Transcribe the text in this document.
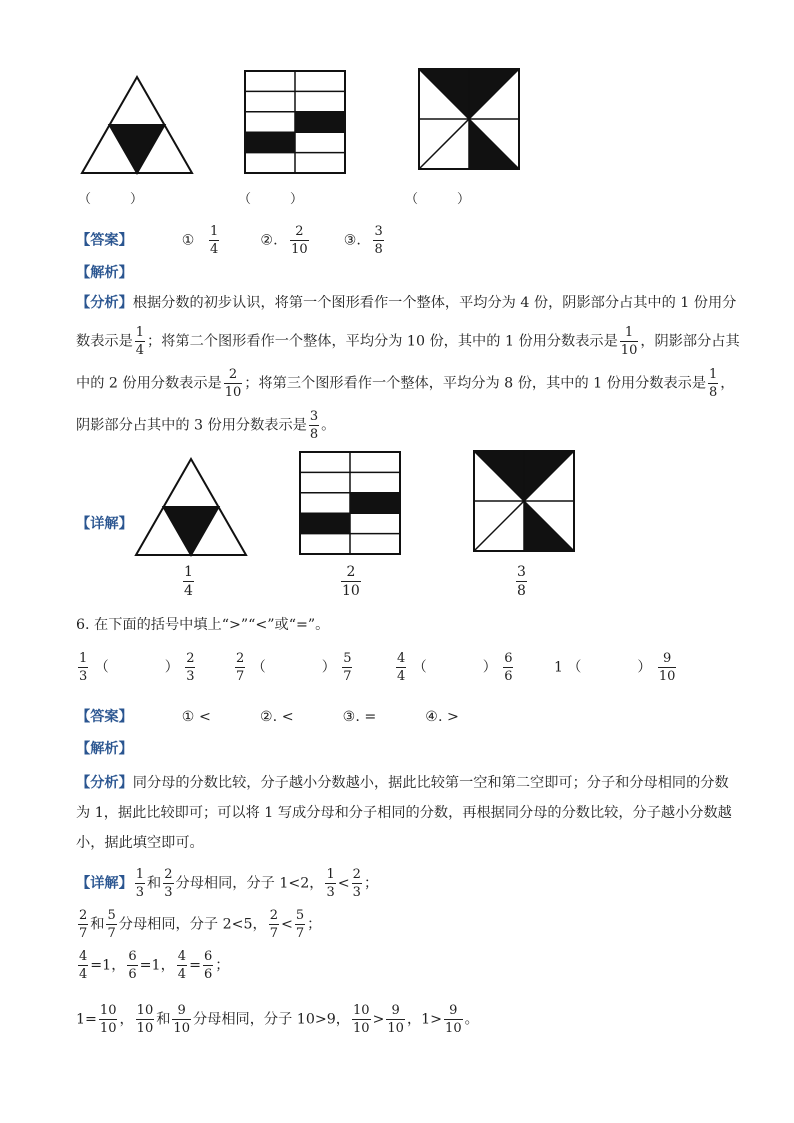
（　　　）	（　　　）	（　　　）
【答案】	① $\frac{1}{4}$	②. $\frac{2}{10}$ ③. $\frac{3}{8}$
【解析】
【分析】根据分数的初步认识，将第一个图形看作一个整体，平均分为 4 份，阴影部分占其中的 1 份用分
数表示是 $\frac{1}{4}$ ；将第二个图形看作一个整体，平均分为 10 份，其中的 1 份用分数表示是 $\frac{1}{10}$ ，阴影部分占其
中的 2 份用分数表示是 $\frac{2}{10}$ ；将第三个图形看作一个整体，平均分为 8 份，其中的 1 份用分数表示是 $\frac{1}{8}$ ，
阴影部分占其中的 3 份用分数表示是 $\frac{3}{8}$ 。
【详解】
$\frac{1}{4}$	$\frac{2}{10}$	$\frac{3}{8}$
6. 在下面的括号中填上“>”“<”或“=”。
$\frac{1}{3}$ （　　　　） $\frac{2}{3}$	$\frac{2}{7}$ （　　　　） $\frac{5}{7}$	$\frac{4}{4}$ （　　　　） $\frac{6}{6}$	1 （　　　　） $\frac{9}{10}$
【答案】	① <	②. <	③. =	④. >
【解析】
【分析】同分母的分数比较，分子越小分数越小，据此比较第一空和第二空即可；分子和分母相同的分数
为 1，据此比较即可；可以将 1 写成分母和分子相同的分数，再根据同分母的分数比较，分子越小分数越
小，据此填空即可。
【详解】 $\frac{1}{3}$ 和 $\frac{2}{3}$ 分母相同，分子 1<2， $\frac{1}{3} < \frac{2}{3}$ ；
$\frac{2}{7}$ 和 $\frac{5}{7}$ 分母相同，分子 2<5， $\frac{2}{7} < \frac{5}{7}$ ；
$\frac{4}{4} =1$， $\frac{6}{6} =1$， $\frac{4}{4} = \frac{6}{6}$ ；
$1= \frac{10}{10}$ ， $\frac{10}{10}$ 和 $\frac{9}{10}$ 分母相同，分子 10>9， $\frac{10}{10} > \frac{9}{10}$ ，$1> \frac{9}{10}$ 。
